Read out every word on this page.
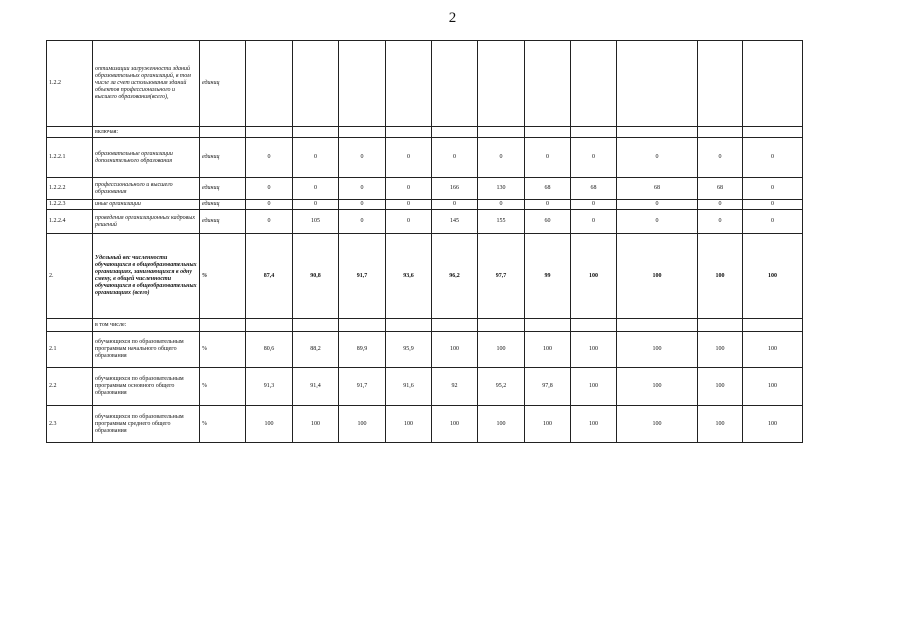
2
1.2.2	оптимизации загруженности зданий образовательных организаций, в том числе за счет использования зданий объектов профессионального и высшего образования(всего),	единиц											
	включая:												
1.2.2.1	образовательные организации дополнительного образования	единиц	0	0	0	0	0	0	0	0	0	0	0
1.2.2.2	профессионального и высшего образования	единиц	0	0	0	0	166	130	68	68	68	68	0
1.2.2.3	иные организации	единиц	0	0	0	0	0	0	0	0	0	0	0
1.2.2.4	проведения организационных кадровых решений	единиц	0	105	0	0	145	155	60	0	0	0	0
2.	Удельный вес численности обучающихся в общеобразовательных организациях, занимающихся в одну смену, в общей численности обучающихся в общеобразовательных организациях (всего)	%	87,4	90,8	91,7	93,6	96,2	97,7	99	100	100	100	100
	в том числе:												
2.1	обучающихся по образовательным программам начального общего образования	%	80,6	88,2	89,9	95,9	100	100	100	100	100	100	100
2.2	обучающихся по образовательным программам основного общего образования	%	91,3	91,4	91,7	91,6	92	95,2	97,8	100	100	100	100
2.3	обучающихся по образовательным программам среднего общего образования	%	100	100	100	100	100	100	100	100	100	100	100
